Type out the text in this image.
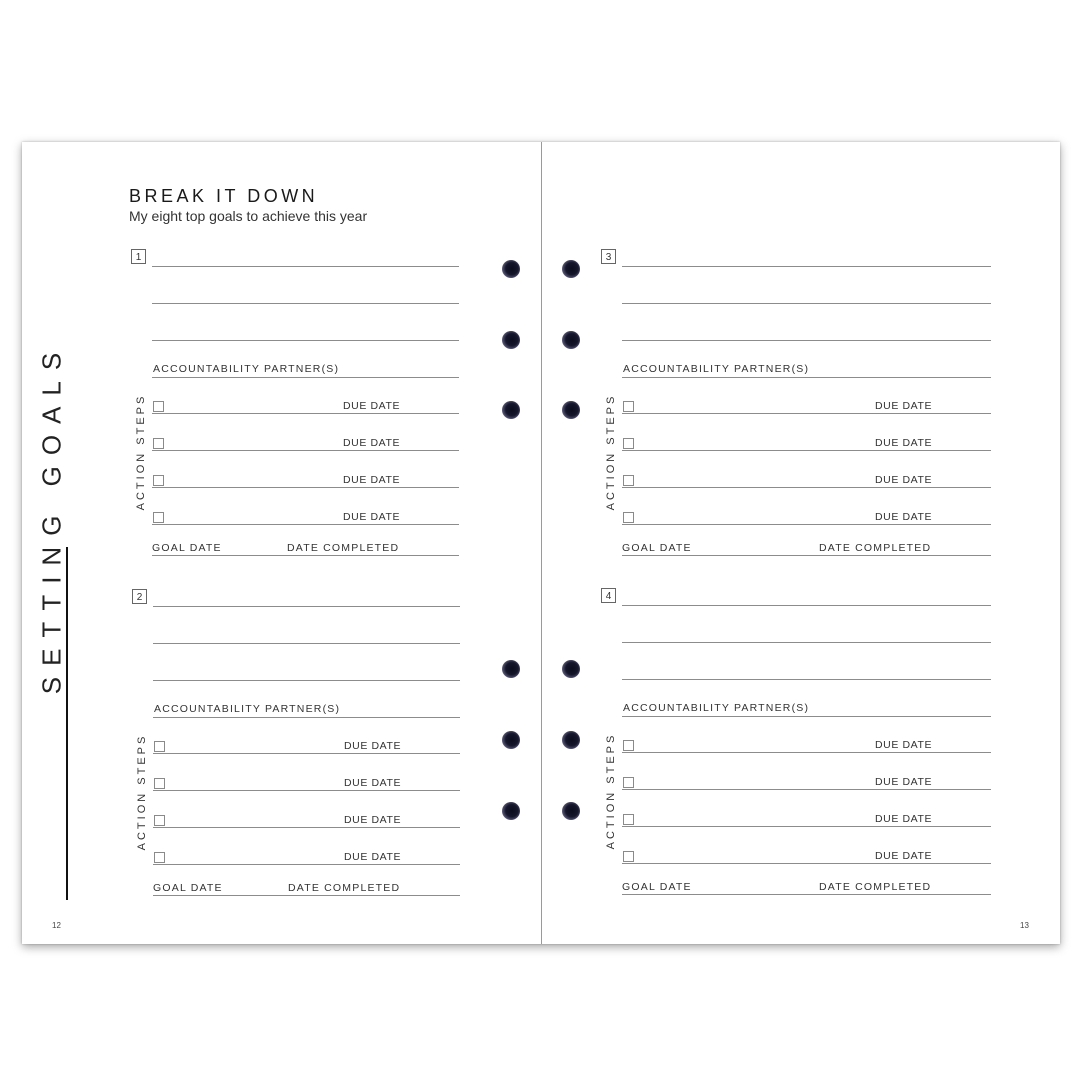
SETTING GOALS
BREAK IT DOWN
My eight top goals to achieve this year
1
ACCOUNTABILITY PARTNER(S)
ACTION STEPS	DUE DATE
DUE DATE
DUE DATE
DUE DATE
GOAL DATE	DATE COMPLETED
2
ACCOUNTABILITY PARTNER(S)
ACTION STEPS	DUE DATE
DUE DATE
DUE DATE
DUE DATE
GOAL DATE	DATE COMPLETED
12
3
ACCOUNTABILITY PARTNER(S)
ACTION STEPS	DUE DATE
DUE DATE
DUE DATE
DUE DATE
GOAL DATE	DATE COMPLETED
4
ACCOUNTABILITY PARTNER(S)
ACTION STEPS	DUE DATE
DUE DATE
DUE DATE
DUE DATE
GOAL DATE	DATE COMPLETED
13
